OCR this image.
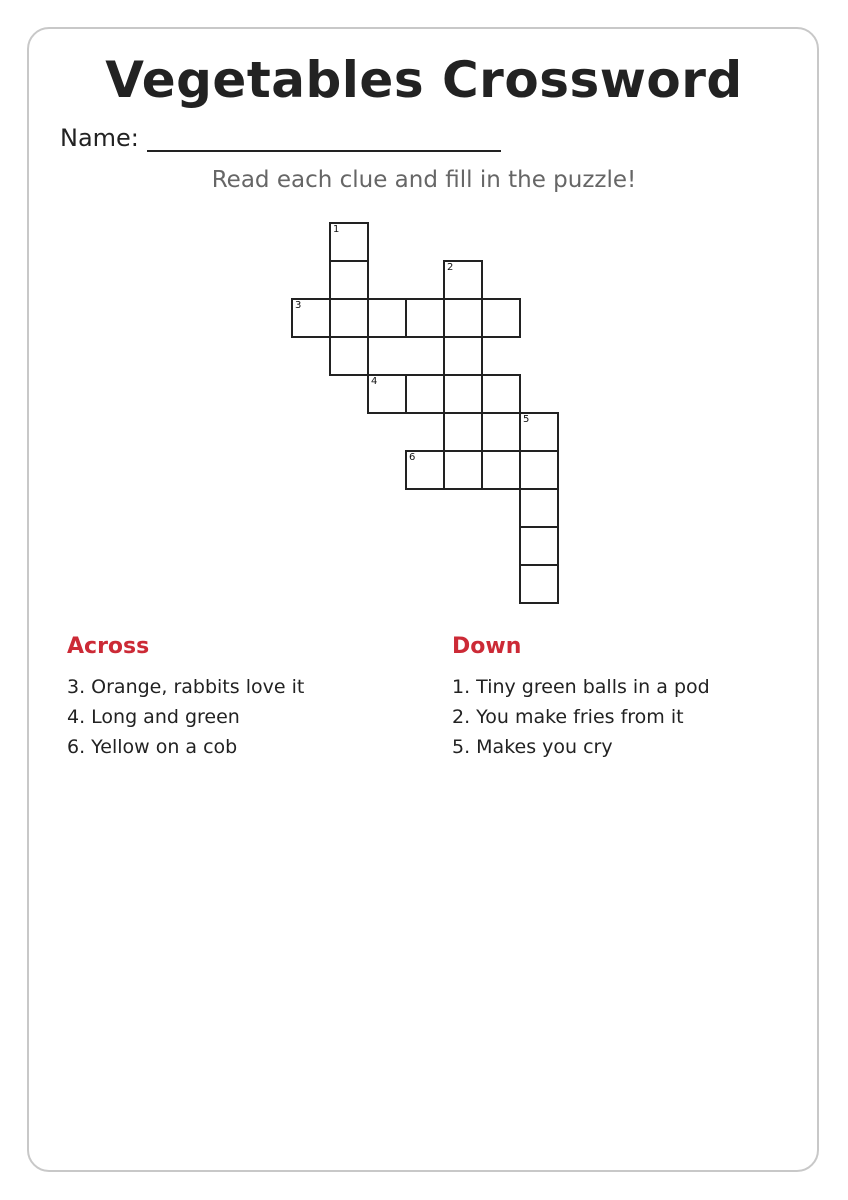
Vegetables Crossword
Name:
Read each clue and fill in the puzzle!
1
2
3
4
5
6
Across

3. Orange, rabbits love it

4. Long and green

6. Yellow on a cob

Down

1. Tiny green balls in a pod

2. You make fries from it

5. Makes you cry
